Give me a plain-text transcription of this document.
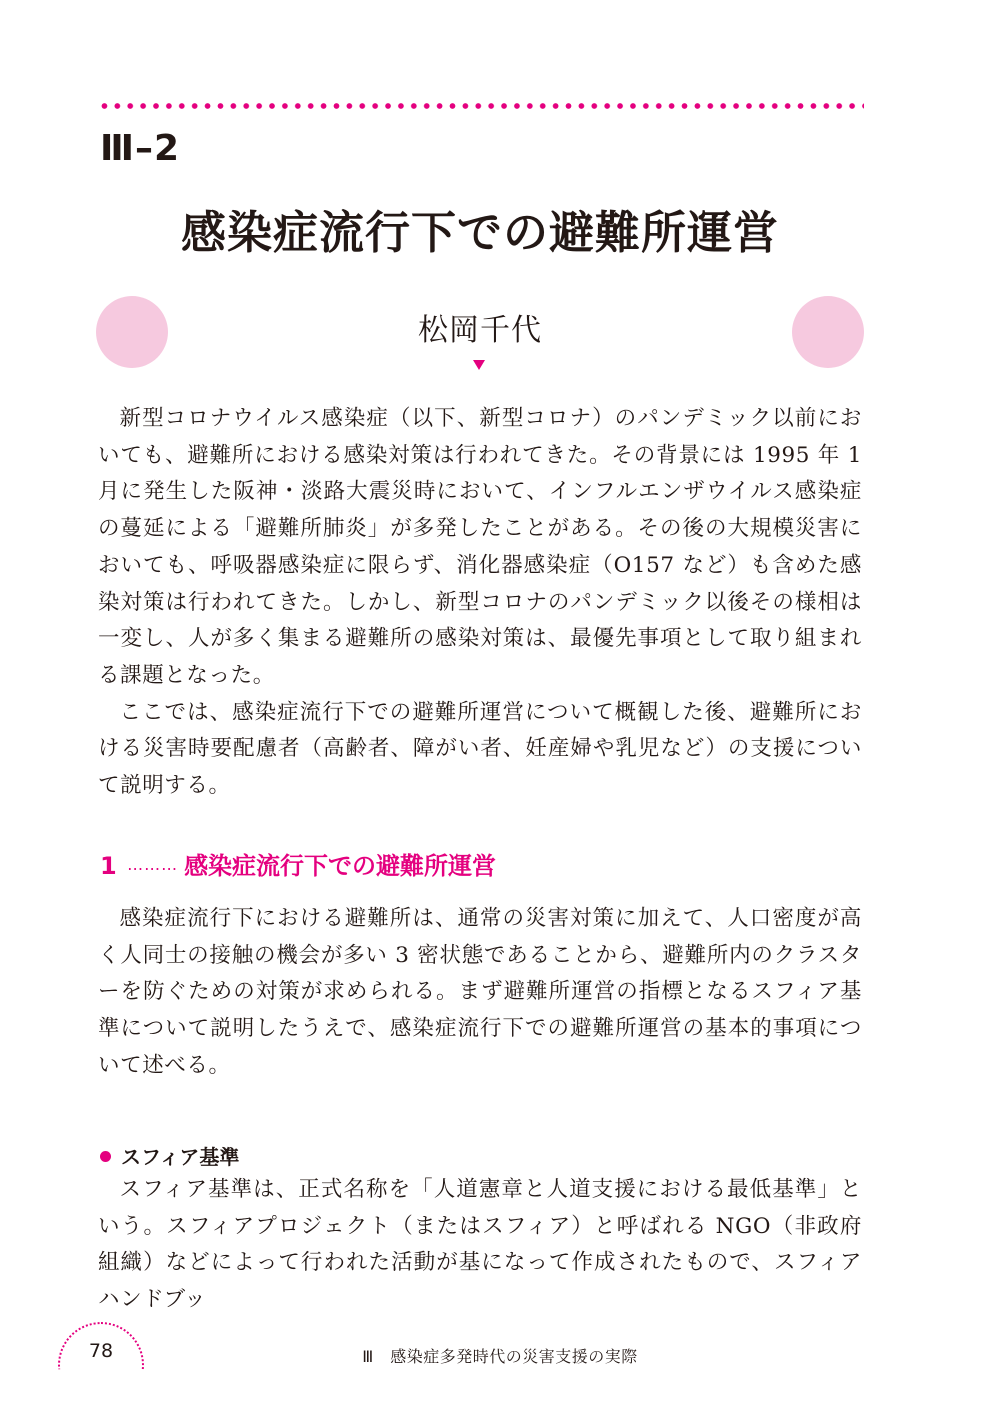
Ⅲ–2
感染症流行下での避難所運営
松岡千代

新型コロナウイルス感染症（以下、新型コロナ）のパンデミック以前においても、避難所における感染対策は行われてきた。その背景には 1995 年 1 月に発生した阪神・淡路大震災時において、インフルエンザウイルス感染症の蔓延による「避難所肺炎」が多発したことがある。その後の大規模災害においても、呼吸器感染症に限らず、消化器感染症（O157 など）も含めた感染対策は行われてきた。しかし、新型コロナのパンデミック以後その様相は一変し、人が多く集まる避難所の感染対策は、最優先事項として取り組まれる課題となった。

ここでは、感染症流行下での避難所運営について概観した後、避難所における災害時要配慮者（高齢者、障がい者、妊産婦や乳児など）の支援について説明する。

1 ……… 感染症流行下での避難所運営

感染症流行下における避難所は、通常の災害対策に加えて、人口密度が高く人同士の接触の機会が多い 3 密状態であることから、避難所内のクラスターを防ぐための対策が求められる。まず避難所運営の指標となるスフィア基準について説明したうえで、感染症流行下での避難所運営の基本的事項について述べる。

スフィア基準

スフィア基準は、正式名称を「人道憲章と人道支援における最低基準」という。スフィアプロジェクト（またはスフィア）と呼ばれる NGO（非政府組織）などによって行われた活動が基になって作成されたもので、スフィアハンドブッ

78	Ⅲ　感染症多発時代の災害支援の実際
